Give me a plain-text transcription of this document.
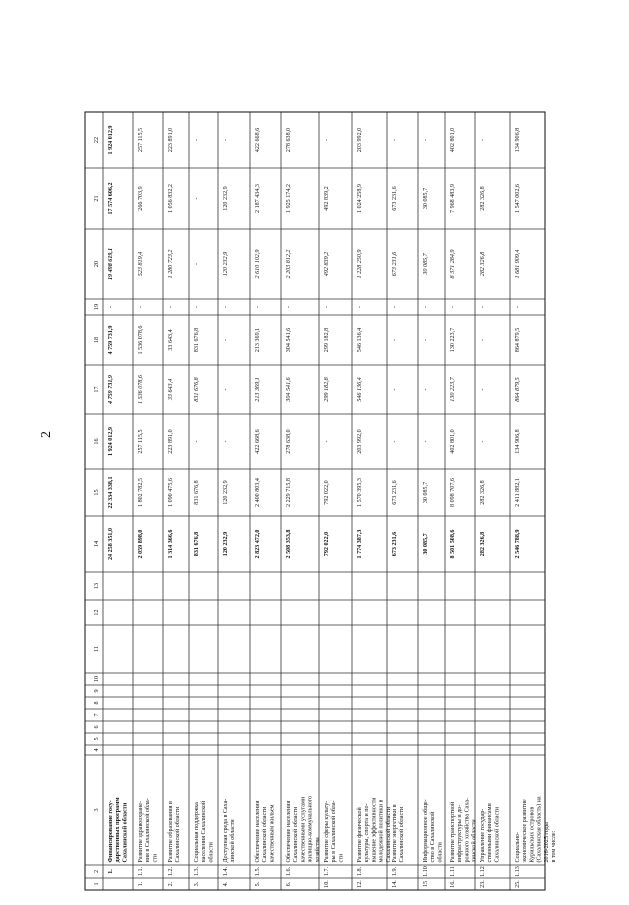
2
1
2
3
4
5
6
7
8
9
10
11
12
13
14
15
16
17
18
19
20
21
22
1.
Финансирование госу- дарственных программ Сахалинской области
24 258 351,0
22 334 338,1
1 924 012,9
4 759 731,9
4 759 731,9
-
19 498 619,1
17 574 606,2
1 924 012,9
1.
1.1.
Развитие здравоохране- ния в Сахалинской обла- сти
2 059 898,0
1 802 782,5
257 115,5
1 536 078,6
1 536 078,6
-
523 819,4
266 703,9
257 115,5
2.
1.2.
Развитие образования в Сахалинской области
1 314 366,6
1 090 475,6
223 891,0
33 643,4
33 643,4
-
1 280 723,2
1 056 832,2
223 891,0
3.
1.3.
Социальная поддержка населения Сахалинской области
831 676,8
831 676,8
-
831 676,8
831 676,8
-
-
-
-
4.
1.4.
Доступная среда в Саха- линской области
120 232,9
120 232,9
-
-
-
-
120 232,9
120 232,9
-
5.
1.5.
Обеспечение населения Сахалинской области качественным жильем
2 823 472,0
2 400 803,4
422 668,6
213 369,1
213 369,1
-
2 610 102,9
2 187 434,3
422 668,6
6.
1.6.
Обеспечение населения Сахалинской области качественными услугами жилищно-коммунального хозяйства
2 508 353,8
2 229 715,8
278 638,0
304 541,6
304 541,6
-
2 203 812,2
1 925 174,2
278 638,0
10.
1.7.
Развитие сферы культу- ры в Сахалинской обла- сти
792 022,0
792 022,0
-
299 182,8
299 182,8
-
492 839,2
492 839,2
-
12.
1.8.
Развитие физической культуры, спорта и по- вышение эффективности молодежной политики в Сахалинской области
1 774 387,3
1 570 395,3
203 992,0
546 136,4
546 136,4
-
1 228 250,9
1 024 258,9
203 992,0
14.
1.9.
Развитие энергетики в Сахалинской области
673 231,6
673 231,6
-
-
-
-
673 231,6
673 231,6
-
15
1.10
Информационное обще- ство в Сахалинской области
30 085,7
30 085,7
-
-
-
-
30 085,7
30 085,7
-
16.
1.11
Развитие транспортной инфраструктуры и до- рожного хозяйства Саха- линской области
8 501 508,6
8 098 707,6
402 801,0
130 223,7
130 223,7
-
8 371 284,9
7 968 483,9
402 801,0
23.
1.12
Управление государ- ственными финансами Сахалинской области
282 326,8
282 326,8
-
-
-
-
282 326,8
282 326,8
-
25.
1.13
Социально- экономическое развитие Курильских островов (Сахалинская область) на 2016-2025 годы в том числе:
2 546 788,9
2 411 882,1
134 906,8
864 879,5
864 879,5
-
1 681 909,4
1 547 002,6
134 906,8
